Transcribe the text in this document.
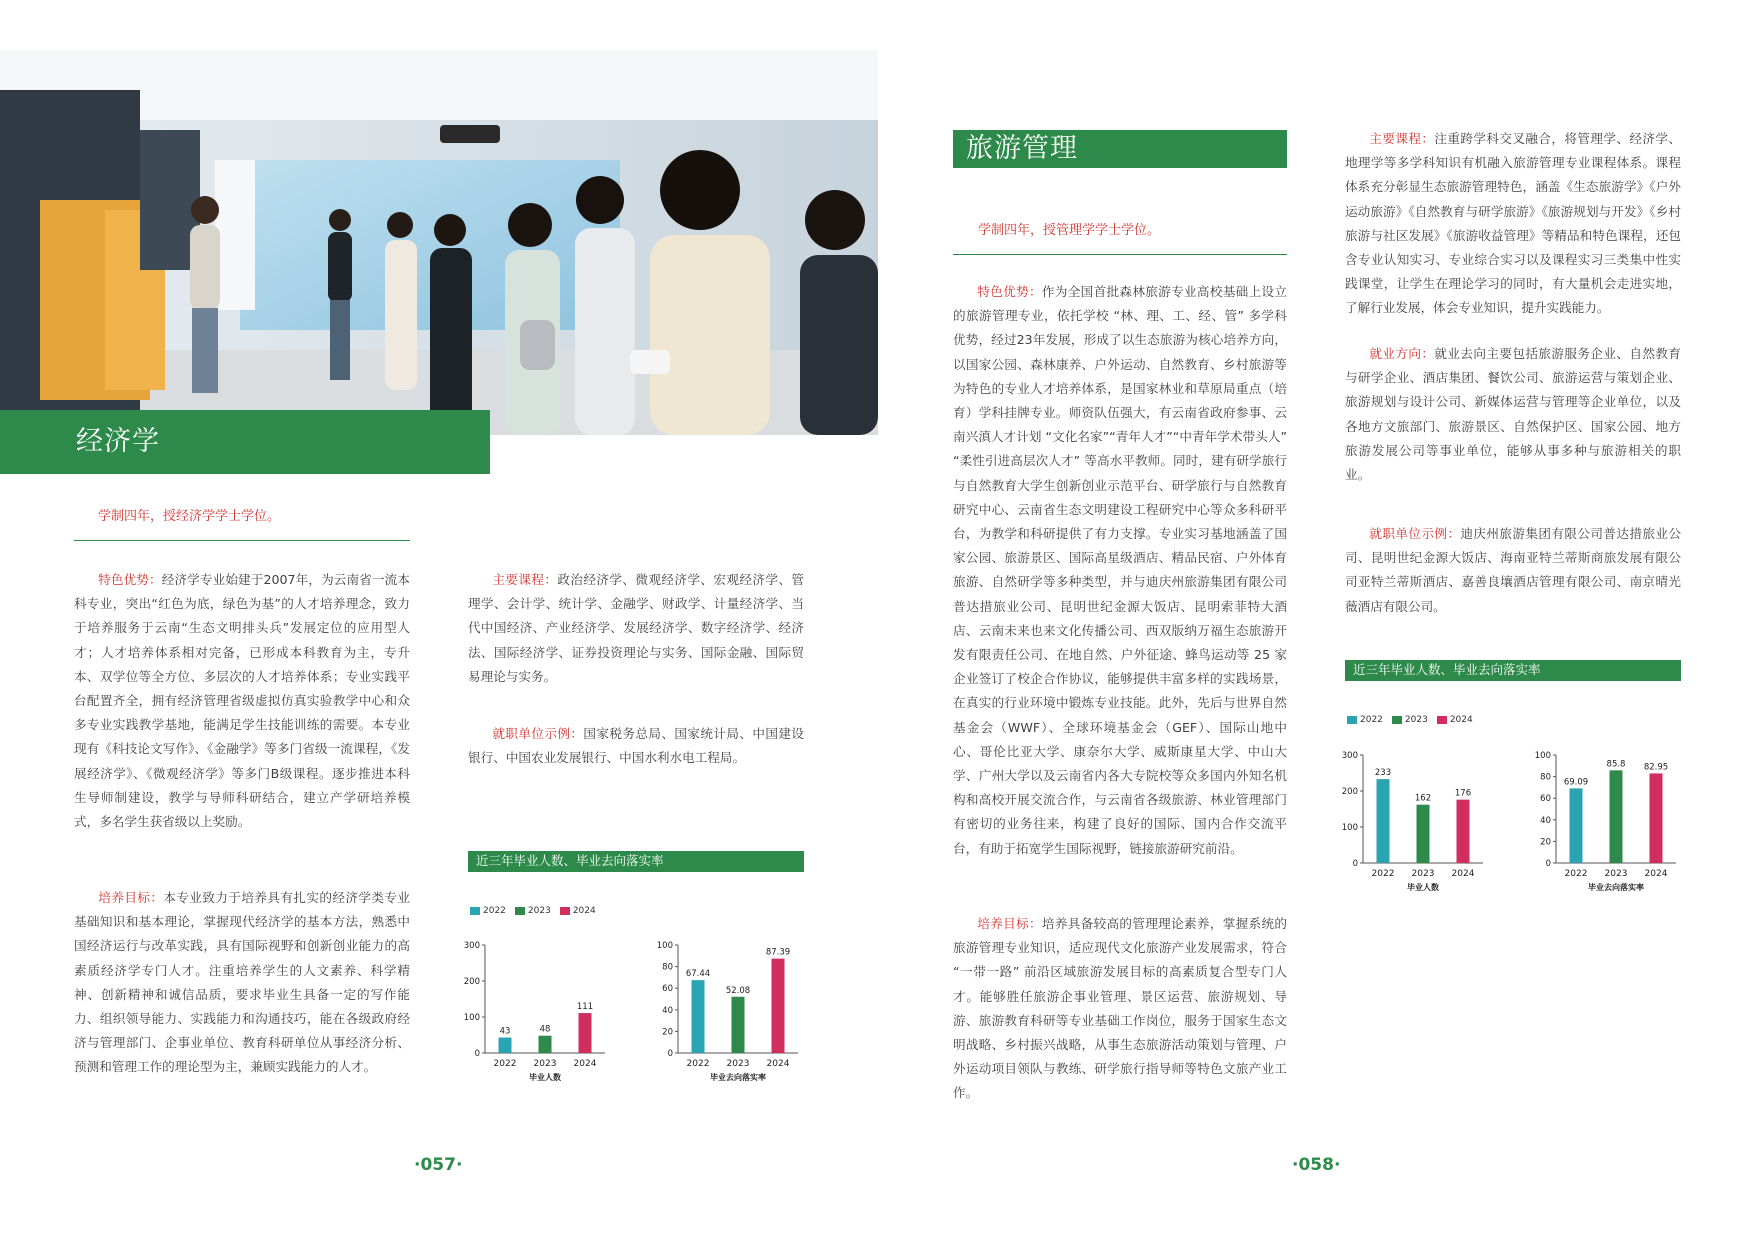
经济学
学制四年，授经济学学士学位。

特色优势：经济学专业始建于2007年，为云南省一流本科专业，突出“红色为底，绿色为基”的人才培养理念，致力于培养服务于云南“生态文明排头兵”发展定位的应用型人才；人才培养体系相对完备，已形成本科教育为主，专升本、双学位等全方位、多层次的人才培养体系；专业实践平台配置齐全，拥有经济管理省级虚拟仿真实验教学中心和众多专业实践教学基地，能满足学生技能训练的需要。本专业现有《科技论文写作》、《金融学》等多门省级一流课程，《发展经济学》、《微观经济学》等多门B级课程。逐步推进本科生导师制建设，教学与导师科研结合，建立产学研培养模式，多名学生获省级以上奖励。

培养目标：本专业致力于培养具有扎实的经济学类专业基础知识和基本理论，掌握现代经济学的基本方法，熟悉中国经济运行与改革实践，具有国际视野和创新创业能力的高素质经济学专门人才。注重培养学生的人文素养、科学精神、创新精神和诚信品质，要求毕业生具备一定的写作能力、组织领导能力、实践能力和沟通技巧，能在各级政府经济与管理部门、企事业单位、教育科研单位从事经济分析、预测和管理工作的理论型为主，兼顾实践能力的人才。

主要课程：政治经济学、微观经济学、宏观经济学、管理学、会计学、统计学、金融学、财政学、计量经济学、当代中国经济、产业经济学、发展经济学、数字经济学、经济法、国际经济学、证券投资理论与实务、国际金融、国际贸易理论与实务。

就职单位示例：国家税务总局、国家统计局、中国建设银行、中国农业发展银行、中国水利水电工程局。

近三年毕业人数、毕业去向落实率
2022 2023 2024
0
100
200
300
43
2022
48
2023
111
2024
毕业人数
0
20
40
60
80
100
67.44
2022
52.08
2023
87.39
2024
毕业去向落实率
·057·
旅游管理
学制四年，授管理学学士学位。

特色优势：作为全国首批森林旅游专业高校基础上设立的旅游管理专业，依托学校 “林、理、工、经、管” 多学科优势，经过23年发展，形成了以生态旅游为核心培养方向，以国家公园、森林康养、户外运动、自然教育、乡村旅游等为特色的专业人才培养体系，是国家林业和草原局重点（培育）学科挂牌专业。师资队伍强大，有云南省政府参事、云南兴滇人才计划 “文化名家”“青年人才”“中青年学术带头人” “柔性引进高层次人才” 等高水平教师。同时，建有研学旅行与自然教育大学生创新创业示范平台、研学旅行与自然教育研究中心、云南省生态文明建设工程研究中心等众多科研平台，为教学和科研提供了有力支撑。专业实习基地涵盖了国家公园、旅游景区、国际高星级酒店、精品民宿、户外体育旅游、自然研学等多种类型，并与迪庆州旅游集团有限公司普达措旅业公司、昆明世纪金源大饭店、昆明索菲特大酒店、云南未来也来文化传播公司、西双版纳万福生态旅游开发有限责任公司、在地自然、户外征途、蜂鸟运动等 25 家企业签订了校企合作协议，能够提供丰富多样的实践场景，在真实的行业环境中锻炼专业技能。此外，先后与世界自然基金会（WWF）、全球环境基金会（GEF）、国际山地中心、哥伦比亚大学、康奈尔大学、威斯康星大学、中山大学、广州大学以及云南省内各大专院校等众多国内外知名机构和高校开展交流合作，与云南省各级旅游、林业管理部门有密切的业务往来，构建了良好的国际、国内合作交流平台，有助于拓宽学生国际视野，链接旅游研究前沿。

培养目标：培养具备较高的管理理论素养，掌握系统的旅游管理专业知识，适应现代文化旅游产业发展需求，符合 “一带一路” 前沿区域旅游发展目标的高素质复合型专门人才。能够胜任旅游企事业管理、景区运营、旅游规划、导游、旅游教育科研等专业基础工作岗位，服务于国家生态文明战略、乡村振兴战略，从事生态旅游活动策划与管理、户外运动项目领队与教练、研学旅行指导师等特色文旅产业工作。

主要课程：注重跨学科交叉融合，将管理学、经济学、地理学等多学科知识有机融入旅游管理专业课程体系。课程体系充分彰显生态旅游管理特色，涵盖《生态旅游学》《户外运动旅游》《自然教育与研学旅游》《旅游规划与开发》《乡村旅游与社区发展》《旅游收益管理》等精品和特色课程，还包含专业认知实习、专业综合实习以及课程实习三类集中性实践课堂，让学生在理论学习的同时，有大量机会走进实地，了解行业发展，体会专业知识，提升实践能力。

就业方向：就业去向主要包括旅游服务企业、自然教育与研学企业、酒店集团、餐饮公司、旅游运营与策划企业、旅游规划与设计公司、新媒体运营与管理等企业单位，以及各地方文旅部门、旅游景区、自然保护区、国家公园、地方旅游发展公司等事业单位，能够从事多种与旅游相关的职业。

就职单位示例：迪庆州旅游集团有限公司普达措旅业公司、昆明世纪金源大饭店、海南亚特兰蒂斯商旅发展有限公司亚特兰蒂斯酒店、嘉善良壤酒店管理有限公司、南京晴光薇酒店有限公司。

近三年毕业人数、毕业去向落实率
2022 2023 2024
0
100
200
300
233
2022
162
2023
176
2024
毕业人数
0
20
40
60
80
100
69.09
2022
85.8
2023
82.95
2024
毕业去向落实率
·058·
